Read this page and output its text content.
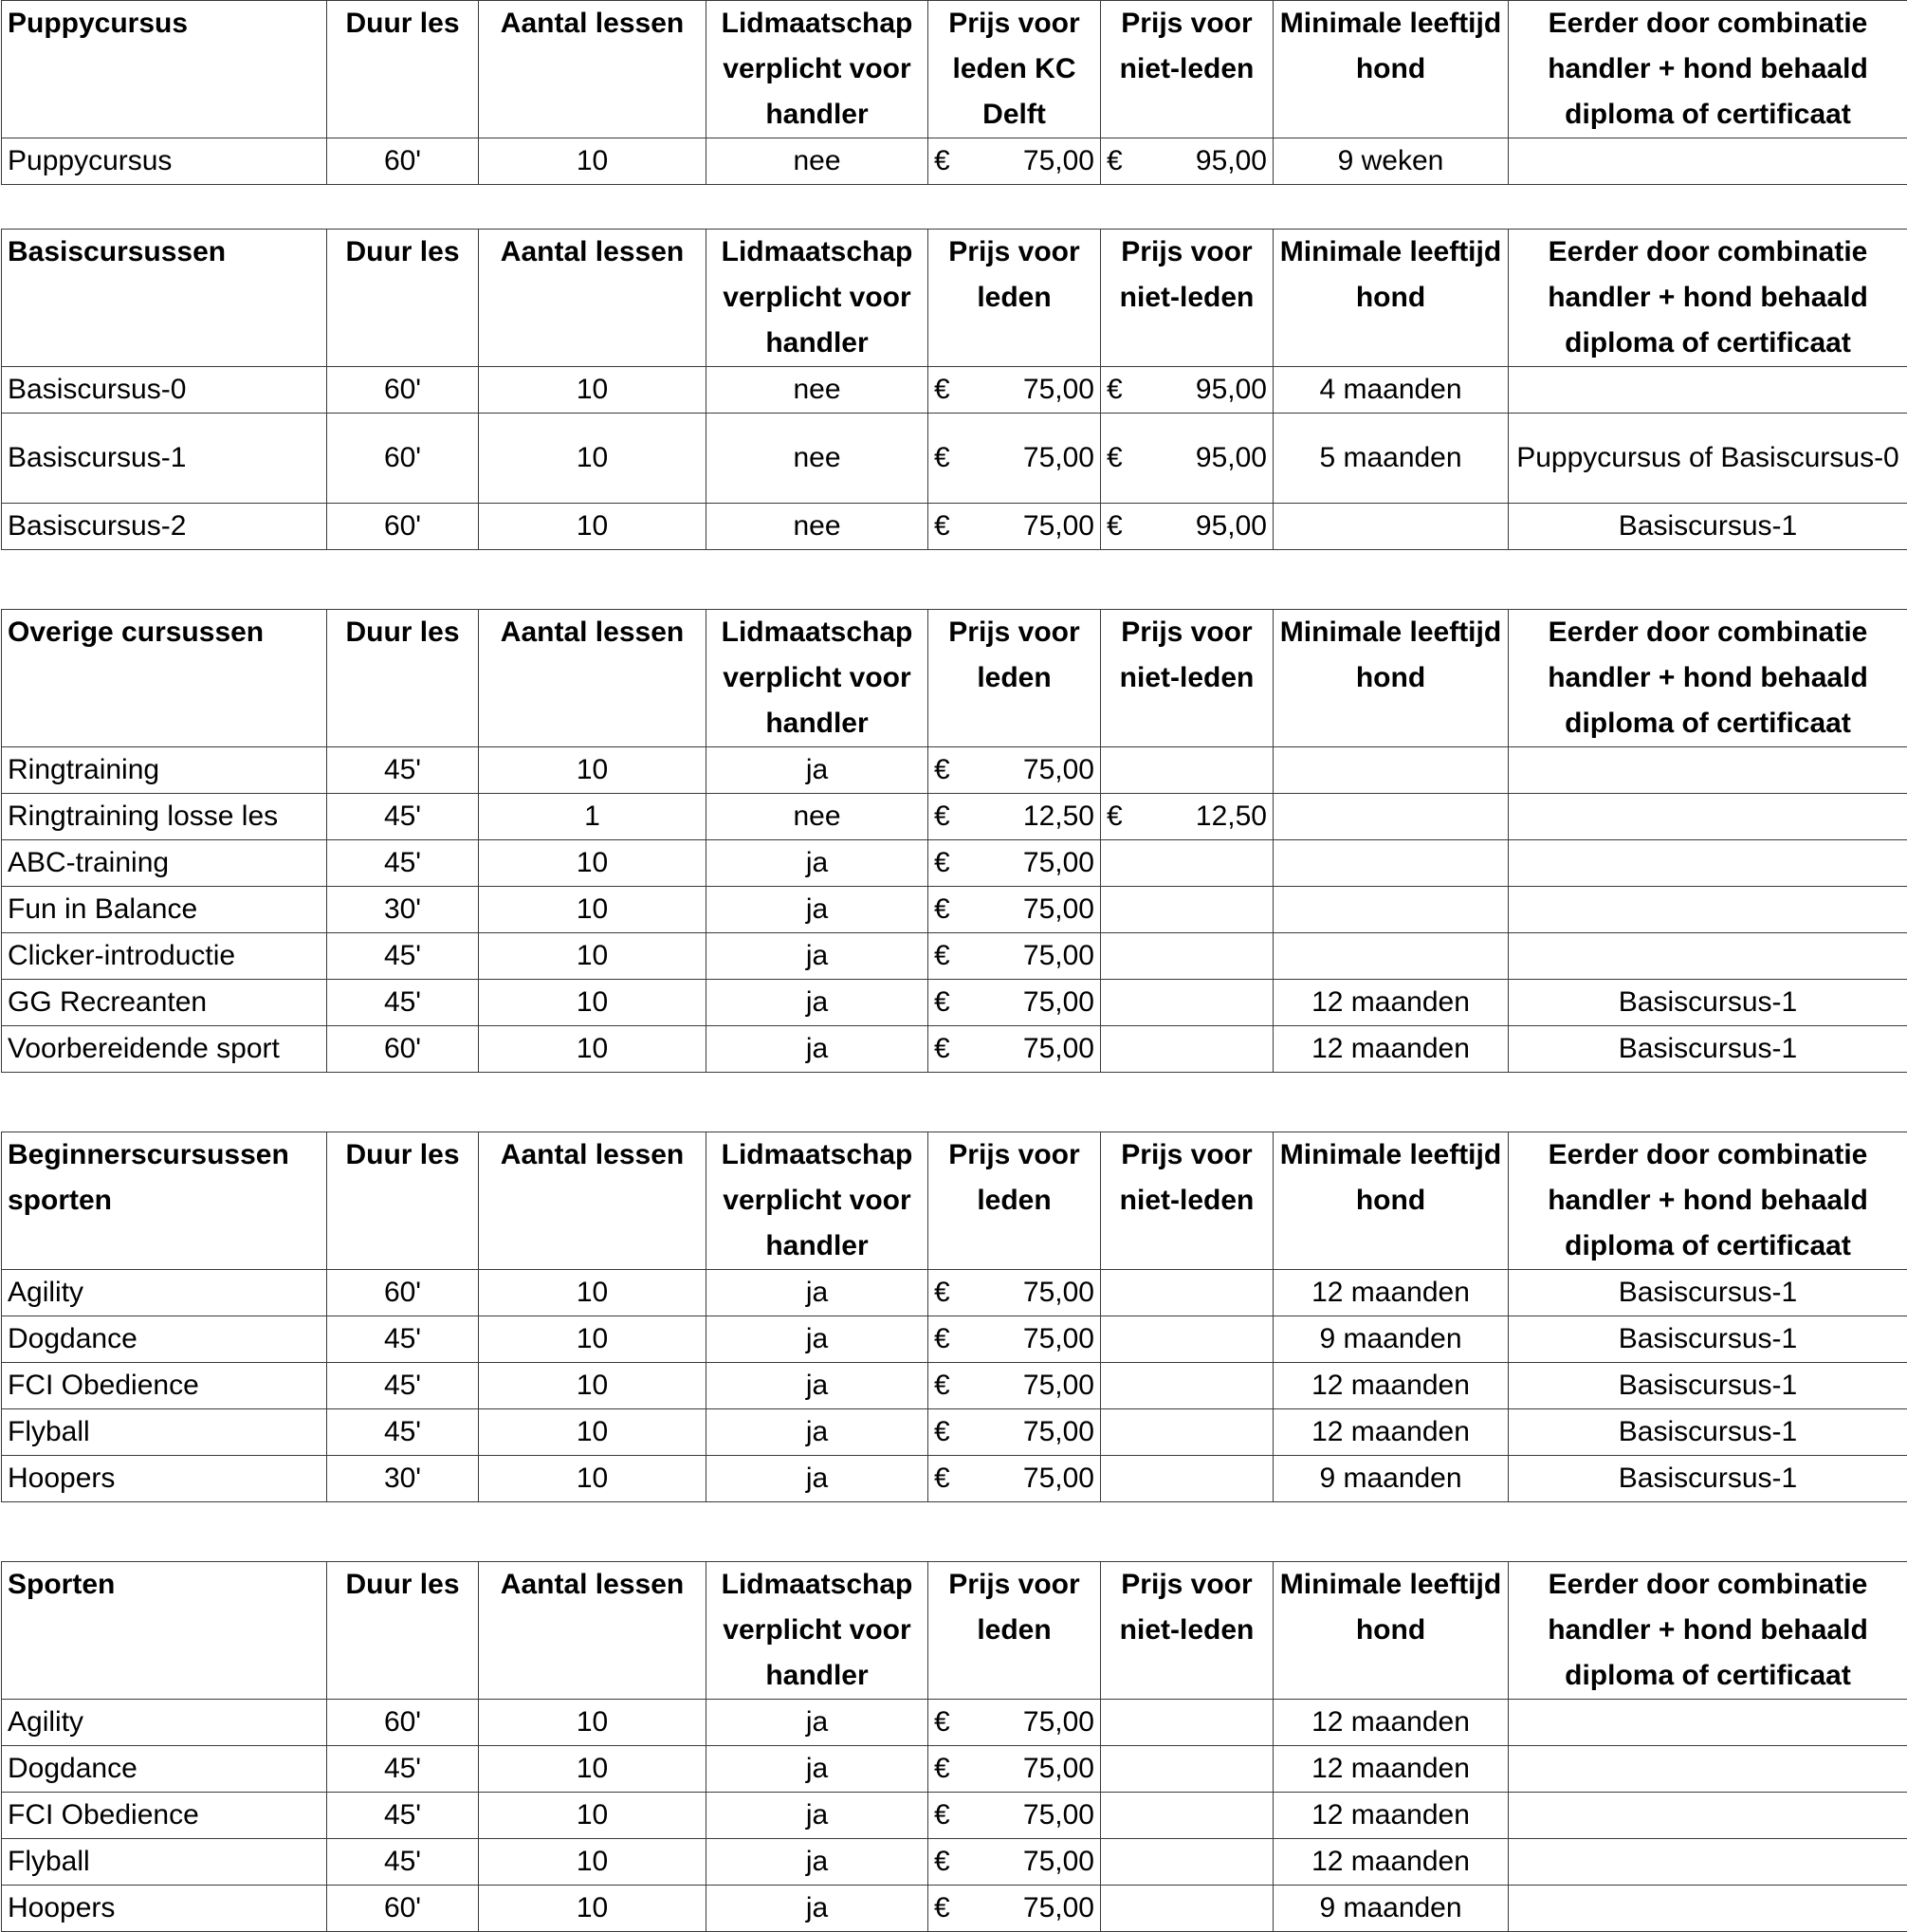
Puppycursus	Duur les	Aantal lessen	Lidmaatschap verplicht voor handler	Prijs voor leden KC Delft	Prijs voor niet-leden	Minimale leeftijd hond	Eerder door combinatie handler + hond behaald diploma of certificaat
Puppycursus	60'	10	nee	€ 75,00	€ 95,00	9 weken	
Basiscursussen	Duur les	Aantal lessen	Lidmaatschap verplicht voor handler	Prijs voor leden	Prijs voor niet-leden	Minimale leeftijd hond	Eerder door combinatie handler + hond behaald diploma of certificaat
Basiscursus-0	60'	10	nee	€ 75,00	€ 95,00	4 maanden	
Basiscursus-1	60'	10	nee	€ 75,00	€ 95,00	5 maanden	Puppycursus of Basiscursus-0
Basiscursus-2	60'	10	nee	€ 75,00	€ 95,00		Basiscursus-1
Overige cursussen	Duur les	Aantal lessen	Lidmaatschap verplicht voor handler	Prijs voor leden	Prijs voor niet-leden	Minimale leeftijd hond	Eerder door combinatie handler + hond behaald diploma of certificaat
Ringtraining	45'	10	ja	€ 75,00			

Ringtraining losse les	45'	1	nee	€ 12,50	€ 12,50		

ABC-training	45'	10	ja	€ 75,00			

Fun in Balance	30'	10	ja	€ 75,00			

Clicker-introductie	45'	10	ja	€ 75,00			

GG Recreanten	45'	10	ja	€ 75,00		12 maanden	Basiscursus-1
Voorbereidende sport	60'	10	ja	€ 75,00		12 maanden	Basiscursus-1
Beginnerscursussen sporten	Duur les	Aantal lessen	Lidmaatschap verplicht voor handler	Prijs voor leden	Prijs voor niet-leden	Minimale leeftijd hond	Eerder door combinatie handler + hond behaald diploma of certificaat
Agility	60'	10	ja	€ 75,00		12 maanden	Basiscursus-1
Dogdance	45'	10	ja	€ 75,00		9 maanden	Basiscursus-1
FCI Obedience	45'	10	ja	€ 75,00		12 maanden	Basiscursus-1
Flyball	45'	10	ja	€ 75,00		12 maanden	Basiscursus-1
Hoopers	30'	10	ja	€ 75,00		9 maanden	Basiscursus-1
Sporten	Duur les	Aantal lessen	Lidmaatschap verplicht voor handler	Prijs voor leden	Prijs voor niet-leden	Minimale leeftijd hond	Eerder door combinatie handler + hond behaald diploma of certificaat
Agility	60'	10	ja	€ 75,00		12 maanden	
Dogdance	45'	10	ja	€ 75,00		12 maanden	
FCI Obedience	45'	10	ja	€ 75,00		12 maanden	
Flyball	45'	10	ja	€ 75,00		12 maanden	
Hoopers	60'	10	ja	€ 75,00		9 maanden	
